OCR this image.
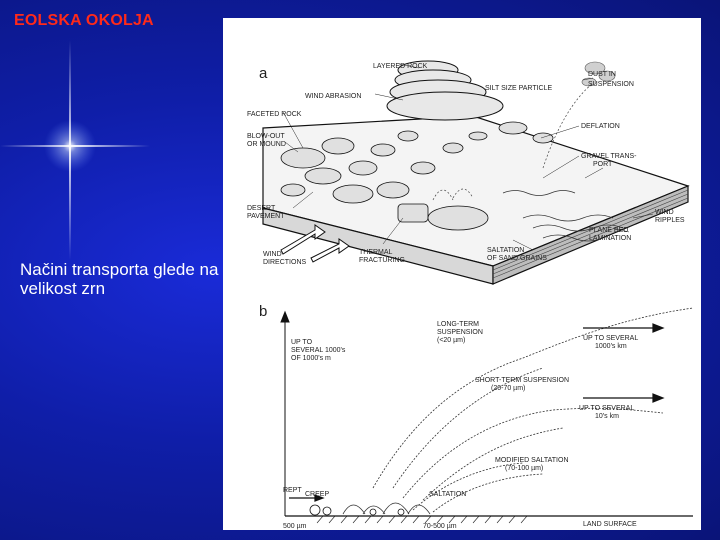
EOLSKA OKOLJA
Načini transporta glede na velikost zrn
a	LAYERED ROCK
DUST IN
SUSPENSION
SILT SIZE PARTICLE
WIND ABRASION
FACETED ROCK
BLOW-OUT
OR MOUND
DEFLATION
GRAVEL TRANS-
PORT
DESERT
PAVEMENT
WIND
RIPPLES
PLANE BED
LAMINATION
WIND
DIRECTIONS
THERMAL
FRACTURING
SALTATION
OF SAND GRAINS
b
LONG-TERM
SUSPENSION
(<20 µm)
UP TO
SEVERAL 1000's
OF 1000's m
UP TO SEVERAL
1000's km
SHORT-TERM SUSPENSION
(20-70 µm)
UP TO SEVERAL
10's km
MODIFIED SALTATION
(70-100 µm)
REPT
CREEP
500 µm
SALTATION
70-500 µm	LAND SURFACE
